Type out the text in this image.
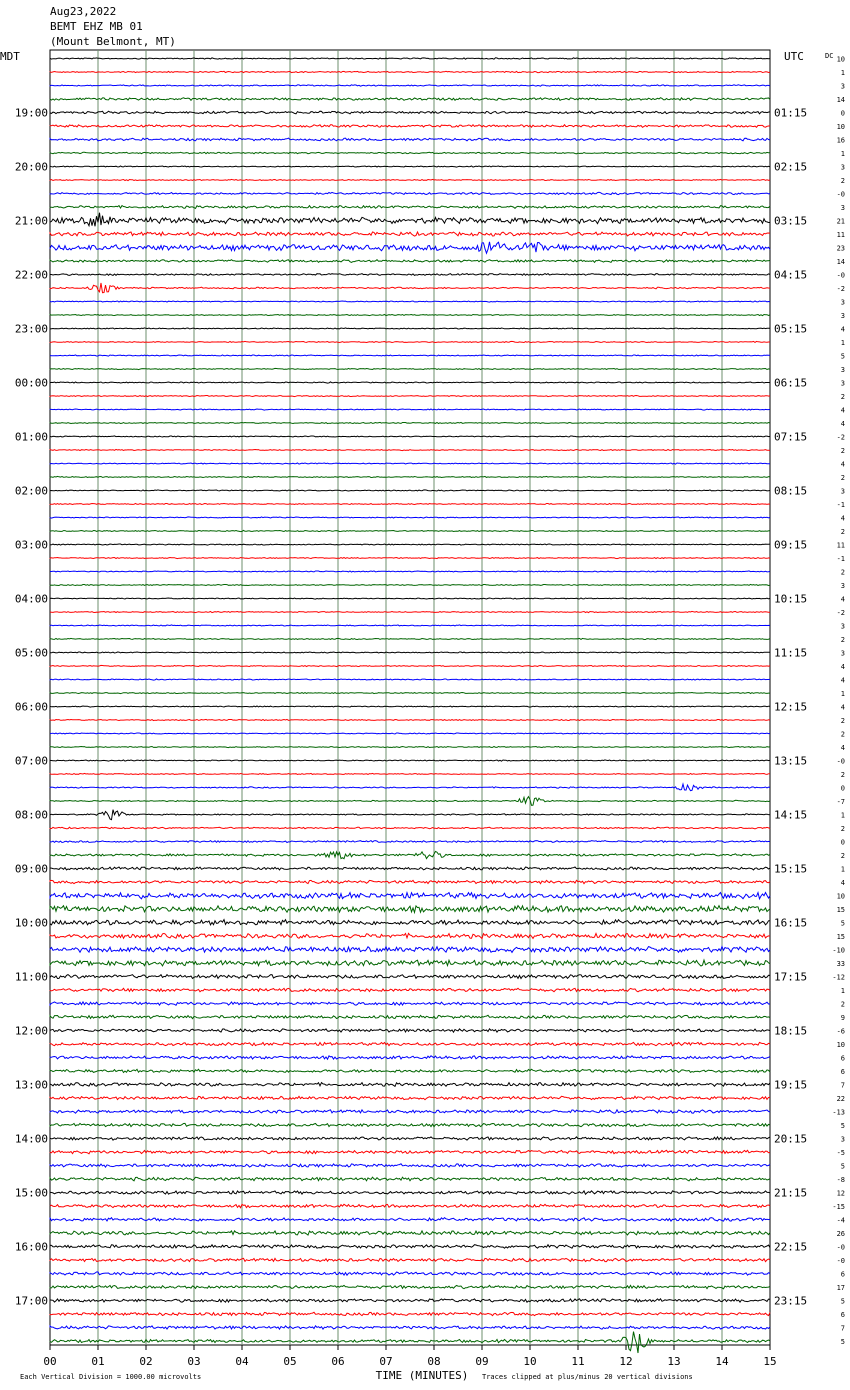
Aug23,2022
BEMT EHZ MB 01
(Mount Belmont, MT)
19:00
20:00
21:00
22:00
23:00
00:00
01:00
02:00
03:00
04:00
05:00
06:00
07:00
08:00
09:00
10:00
11:00
12:00
13:00
14:00
15:00
16:00
17:00
01:15
02:15
03:15
04:15
05:15
06:15
07:15
08:15
09:15
10:15
11:15
12:15
13:15
14:15
15:15
16:15
17:15
18:15
19:15
20:15
21:15
22:15
23:15
MDT	UTC	DC 10
1
3
14
0
10
16
1
3
2
-0
3
21
11
23
14
-0
-2
3
3
4
1
5
3
3
2
4
4
-2
2
4
2
3
-1
4
2
11
-1
2
3
4
-2
3
2
3
4
4
1
4
2
2
4
-0
2
0
-7
1
2
0
2
1
4
10
15
5
15
-10
33
-12
1
2
9
-6
10
6
6
7
22
-13
5
3
-5
5
-8
12
-15
-4
26
-0
-0
6
17
5
6
7
5
00	01	02	03	04	05	06	07	08	09	10	11	12	13	14	15
TIME (MINUTES)
Each Vertical Division = 1000.00 microvolts	Traces clipped at plus/minus 20 vertical divisions
